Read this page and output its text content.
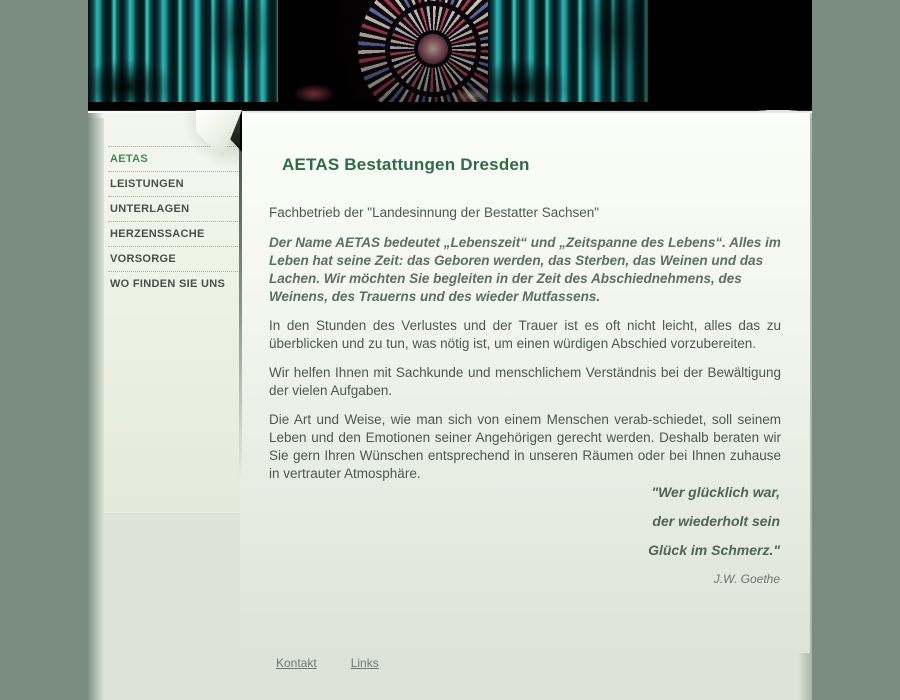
AETAS
LEISTUNGEN
UNTERLAGEN
HERZENSSACHE
VORSORGE
WO FINDEN SIE UNS
AETAS Bestattungen Dresden

Fachbetrieb der "Landesinnung der Bestatter Sachsen"

Der Name AETAS bedeutet „Lebenszeit“ und „Zeitspanne des Lebens“. Alles im Leben hat seine Zeit: das Geboren werden, das Sterben, das Weinen und das Lachen. Wir möchten Sie begleiten in der Zeit des Abschiednehmens, des Weinens, des Trauerns und des wieder Mutfassens.

In den Stunden des Verlustes und der Trauer ist es oft nicht leicht, alles das zu überblicken und zu tun, was nötig ist, um einen würdigen Abschied vorzubereiten.

Wir helfen Ihnen mit Sachkunde und menschlichem Verständnis bei der Bewältigung der vielen Aufgaben.

Die Art und Weise, wie man sich von einem Menschen verab-schiedet, soll seinem Leben und den Emotionen seiner Angehörigen gerecht werden. Deshalb beraten wir Sie gern Ihren Wünschen entsprechend in unseren Räumen oder bei Ihnen zuhause in vertrauter Atmosphäre.

"Wer glücklich war,
der wiederholt sein
Glück im Schmerz."
J.W. Goethe
Kontakt	Links
